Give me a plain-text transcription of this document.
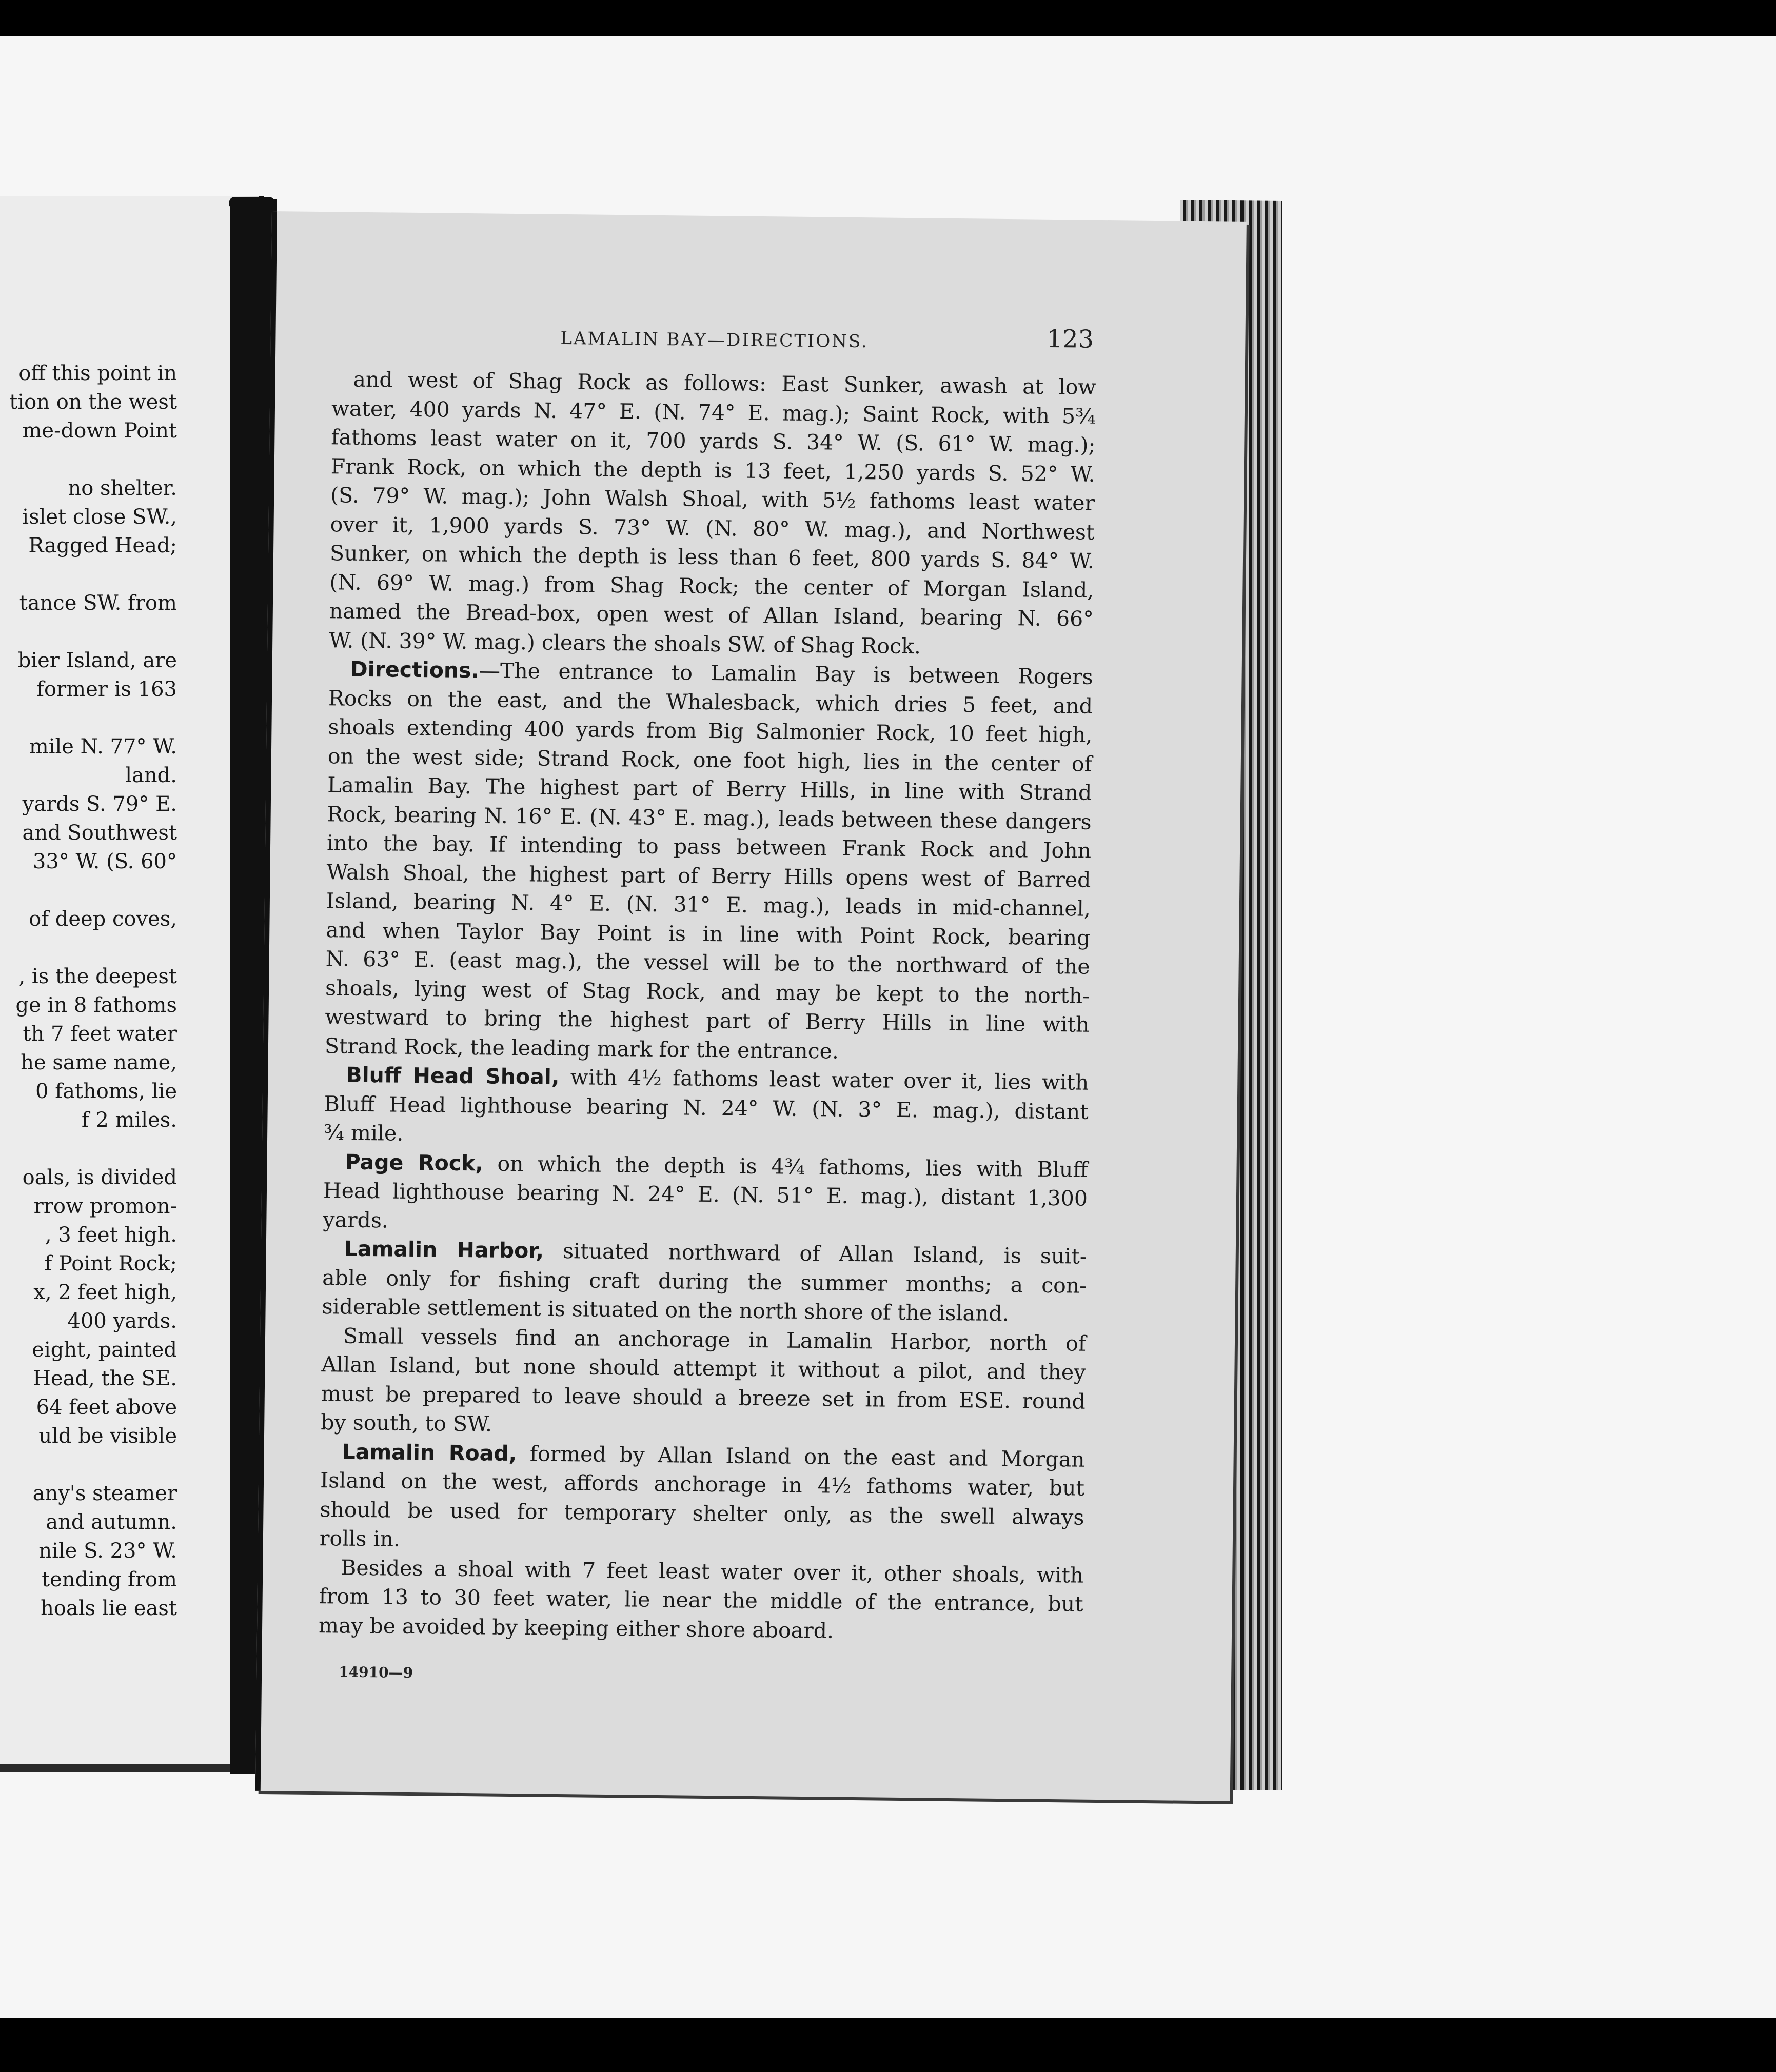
off this point in
tion on the west
me-down Point
no shelter.
islet close SW.,
Ragged Head;
tance SW. from
bier Island, are
former is 163
mile N. 77° W.
land.
yards S. 79° E.
and Southwest
33° W. (S. 60°
of deep coves,
, is the deepest
ge in 8 fathoms
th 7 feet water
he same name,
0 fathoms, lie
f 2 miles.
oals, is divided
rrow promon-
, 3 feet high.
f Point Rock;
x, 2 feet high,
400 yards.
eight, painted
Head, the SE.
64 feet above
uld be visible
any's steamer
and autumn.
nile S. 23° W.
tending from
hoals lie east
LAMALIN BAY—DIRECTIONS.	123
and west of Shag Rock as follows: East Sunker, awash at low
water, 400 yards N. 47° E. (N. 74° E. mag.); Saint Rock, with 5¾
fathoms least water on it, 700 yards S. 34° W. (S. 61° W. mag.);
Frank Rock, on which the depth is 13 feet, 1,250 yards S. 52° W.
(S. 79° W. mag.); John Walsh Shoal, with 5½ fathoms least water
over it, 1,900 yards S. 73° W. (N. 80° W. mag.), and Northwest
Sunker, on which the depth is less than 6 feet, 800 yards S. 84° W.
(N. 69° W. mag.) from Shag Rock; the center of Morgan Island,
named the Bread-box, open west of Allan Island, bearing N. 66°
W. (N. 39° W. mag.) clears the shoals SW. of Shag Rock.
Directions.—The entrance to Lamalin Bay is between Rogers
Rocks on the east, and the Whalesback, which dries 5 feet, and
shoals extending 400 yards from Big Salmonier Rock, 10 feet high,
on the west side; Strand Rock, one foot high, lies in the center of
Lamalin Bay. The highest part of Berry Hills, in line with Strand
Rock, bearing N. 16° E. (N. 43° E. mag.), leads between these dangers
into the bay. If intending to pass between Frank Rock and John
Walsh Shoal, the highest part of Berry Hills opens west of Barred
Island, bearing N. 4° E. (N. 31° E. mag.), leads in mid-channel,
and when Taylor Bay Point is in line with Point Rock, bearing
N. 63° E. (east mag.), the vessel will be to the northward of the
shoals, lying west of Stag Rock, and may be kept to the north-
westward to bring the highest part of Berry Hills in line with
Strand Rock, the leading mark for the entrance.
Bluff Head Shoal, with 4½ fathoms least water over it, lies with
Bluff Head lighthouse bearing N. 24° W. (N. 3° E. mag.), distant
¾ mile.
Page Rock, on which the depth is 4¾ fathoms, lies with Bluff
Head lighthouse bearing N. 24° E. (N. 51° E. mag.), distant 1,300
yards.
Lamalin Harbor, situated northward of Allan Island, is suit-
able only for fishing craft during the summer months; a con-
siderable settlement is situated on the north shore of the island.
Small vessels find an anchorage in Lamalin Harbor, north of
Allan Island, but none should attempt it without a pilot, and they
must be prepared to leave should a breeze set in from ESE. round
by south, to SW.
Lamalin Road, formed by Allan Island on the east and Morgan
Island on the west, affords anchorage in 4½ fathoms water, but
should be used for temporary shelter only, as the swell always
rolls in.
Besides a shoal with 7 feet least water over it, other shoals, with
from 13 to 30 feet water, lie near the middle of the entrance, but
may be avoided by keeping either shore aboard.
14910—9
